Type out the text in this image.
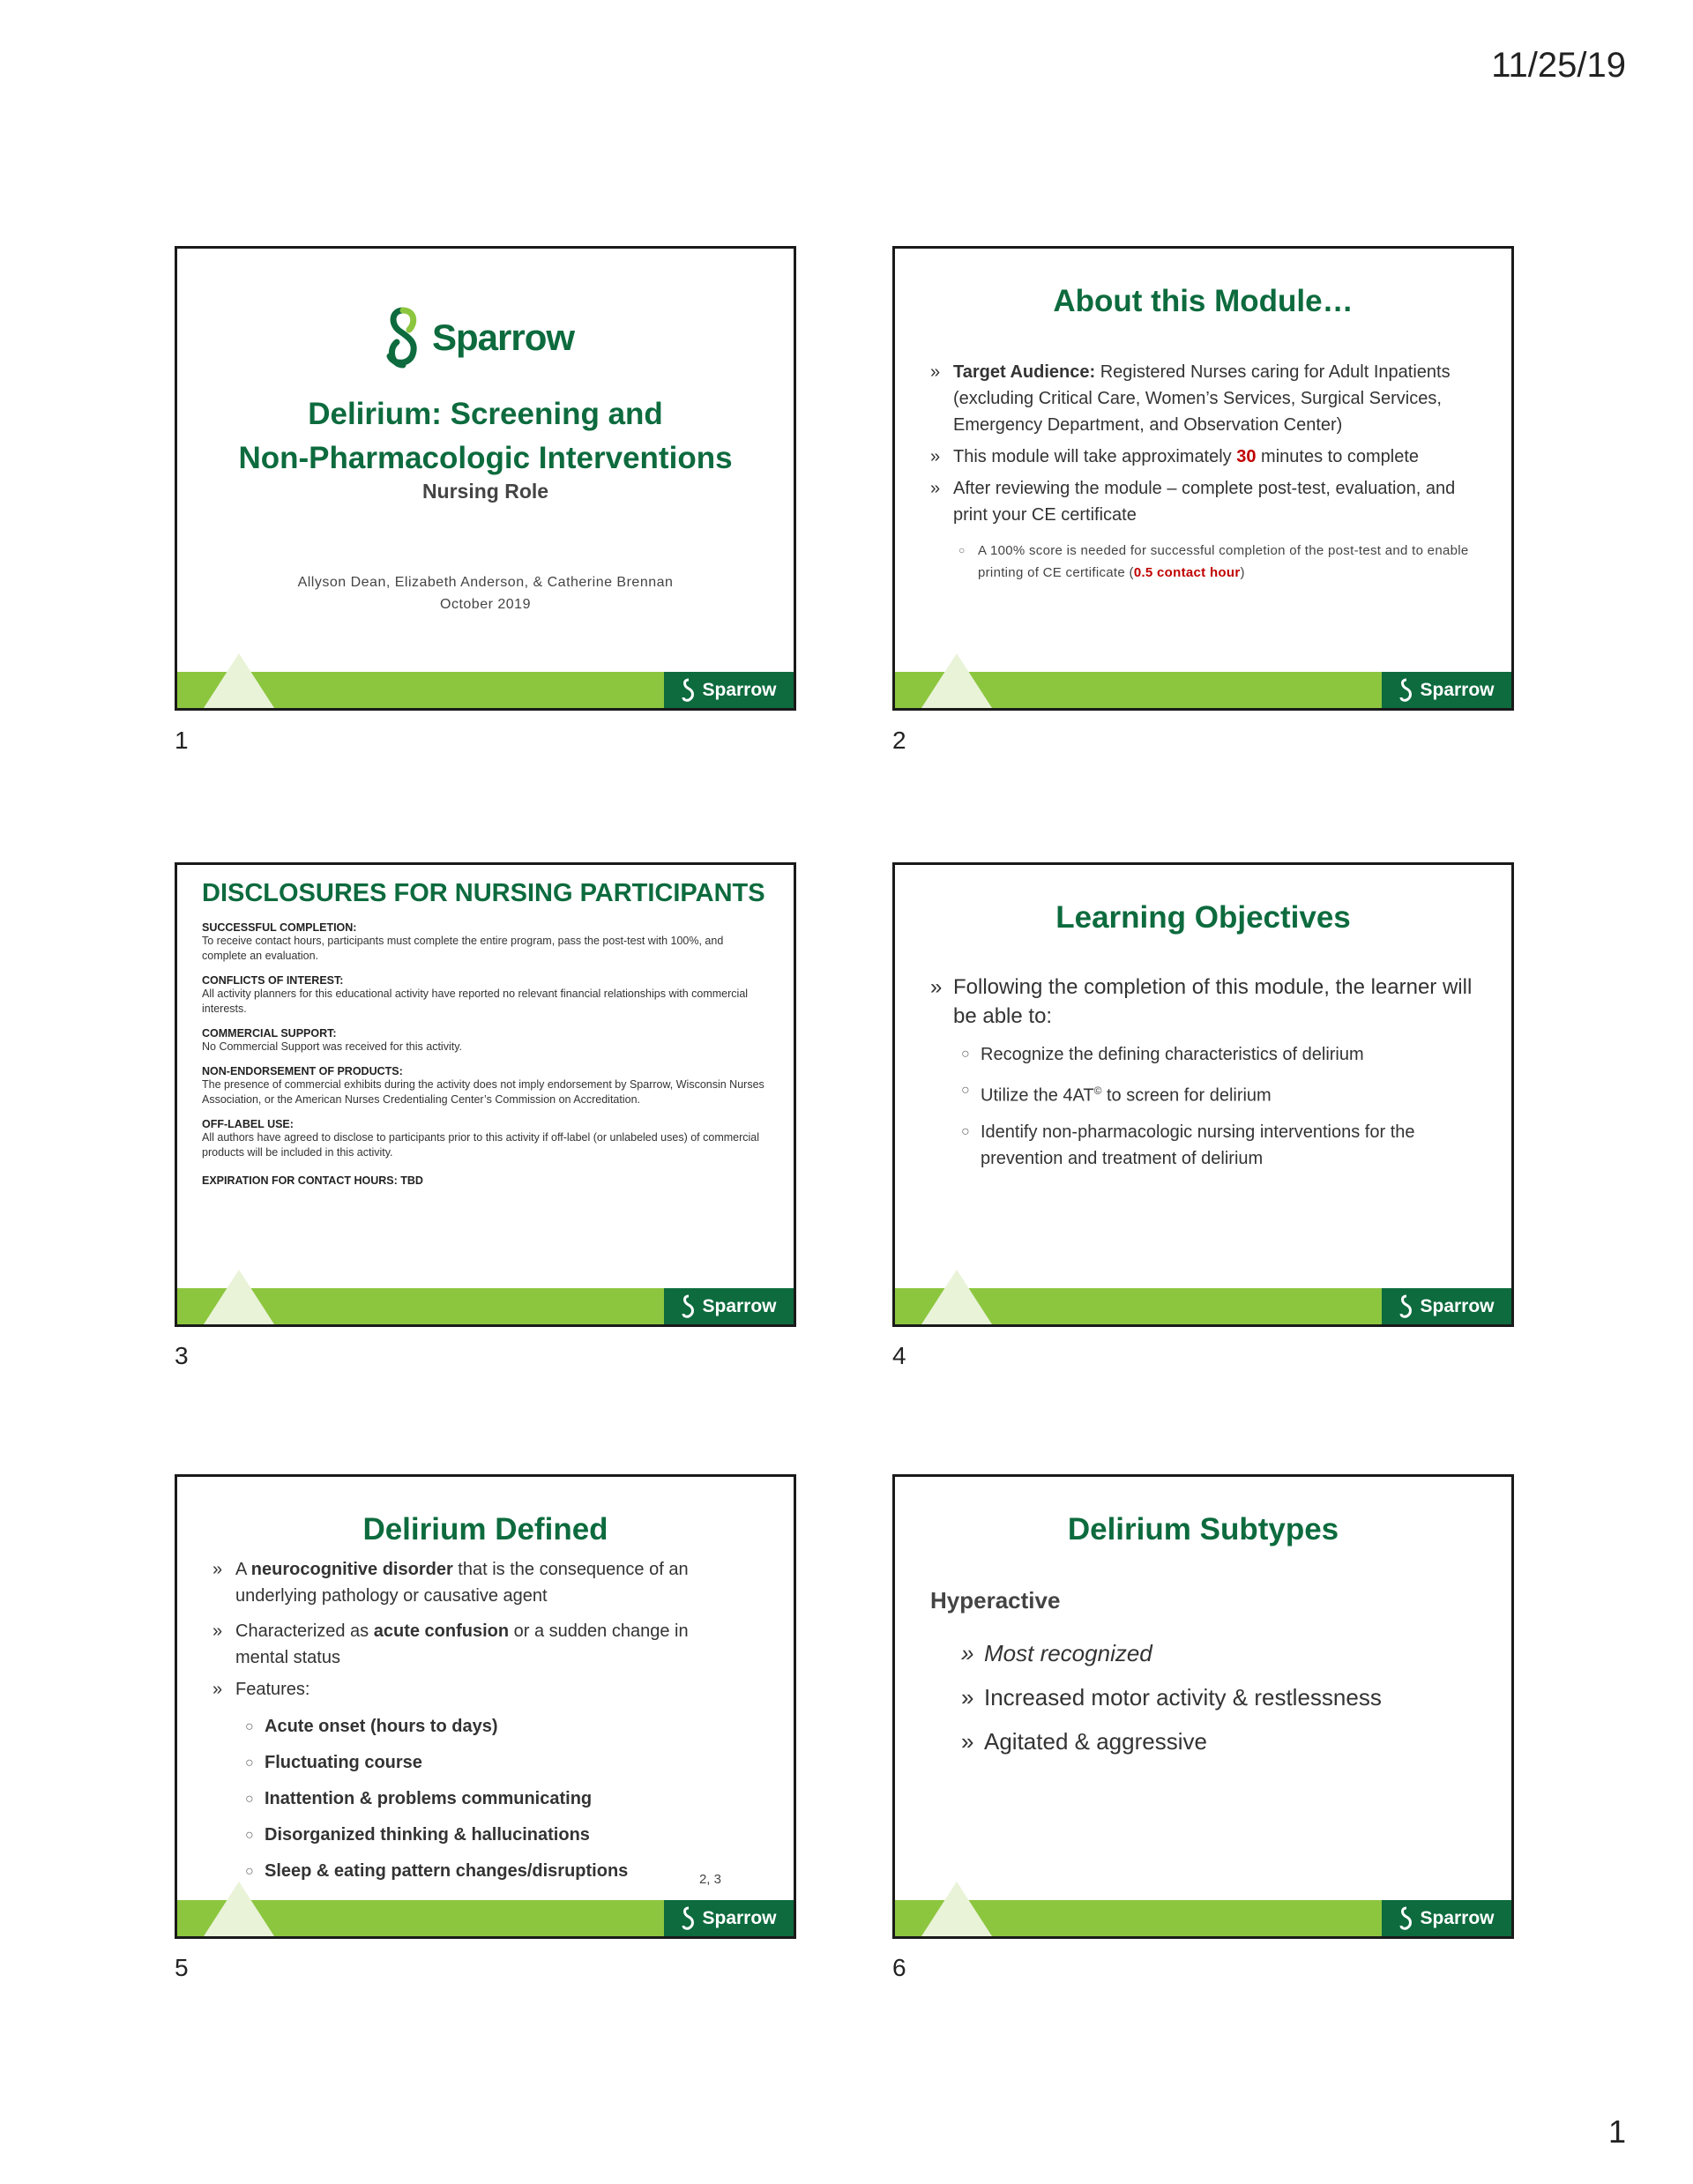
11/25/19
Sparrow
Delirium: Screening and
Non-Pharmacologic Interventions
Nursing Role
Allyson Dean, Elizabeth Anderson, & Catherine Brennan
October 2019
Sparrow
1
About this Module…
» Target Audience: Registered Nurses caring for Adult Inpatients (excluding Critical Care, Women’s Services, Surgical Services, Emergency Department, and Observation Center)
» This module will take approximately 30 minutes to complete
» After reviewing the module – complete post-test, evaluation, and print your CE certificate
○ A 100% score is needed for successful completion of the post-test and to enable printing of CE certificate (0.5 contact hour)
Sparrow
2
DISCLOSURES FOR NURSING PARTICIPANTS
SUCCESSFUL COMPLETION:
To receive contact hours, participants must complete the entire program, pass the post-test with 100%, and complete an evaluation.
CONFLICTS OF INTEREST:
All activity planners for this educational activity have reported no relevant financial relationships with commercial interests.
COMMERCIAL SUPPORT:
No Commercial Support was received for this activity.
NON-ENDORSEMENT OF PRODUCTS:
The presence of commercial exhibits during the activity does not imply endorsement by Sparrow, Wisconsin Nurses Association, or the American Nurses Credentialing Center’s Commission on Accreditation.
OFF-LABEL USE:
All authors have agreed to disclose to participants prior to this activity if off-label (or unlabeled uses) of commercial products will be included in this activity.
EXPIRATION FOR CONTACT HOURS: TBD
Sparrow
3
Learning Objectives
» Following the completion of this module, the learner will be able to:
○ Recognize the defining characteristics of delirium
○ Utilize the 4AT© to screen for delirium
○ Identify non-pharmacologic nursing interventions for the prevention and treatment of delirium
Sparrow
4
Delirium Defined
» A neurocognitive disorder that is the consequence of an underlying pathology or causative agent
» Characterized as acute confusion or a sudden change in mental status
» Features:
○ Acute onset (hours to days)
○ Fluctuating course
○ Inattention & problems communicating
○ Disorganized thinking & hallucinations
○ Sleep & eating pattern changes/disruptions	2, 3
Sparrow
5
Delirium Subtypes
Hyperactive
» Most recognized
» Increased motor activity & restlessness
» Agitated & aggressive
Sparrow
6
1
